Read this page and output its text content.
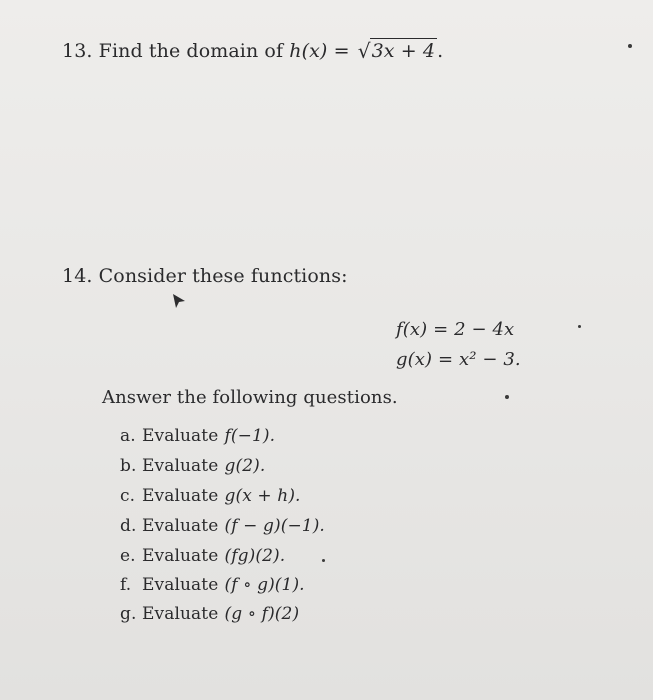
13. Find the domain of h(x) = √3x + 4 .
14. Consider these functions:
f(x) = 2 − 4x
g(x) = x² − 3.
Answer the following questions.
a. Evaluate f(−1).
b. Evaluate g(2).
c. Evaluate g(x + h).
d. Evaluate (f − g)(−1).
e. Evaluate (fg)(2).
f. Evaluate (f ∘ g)(1).
g. Evaluate (g ∘ f)(2)
